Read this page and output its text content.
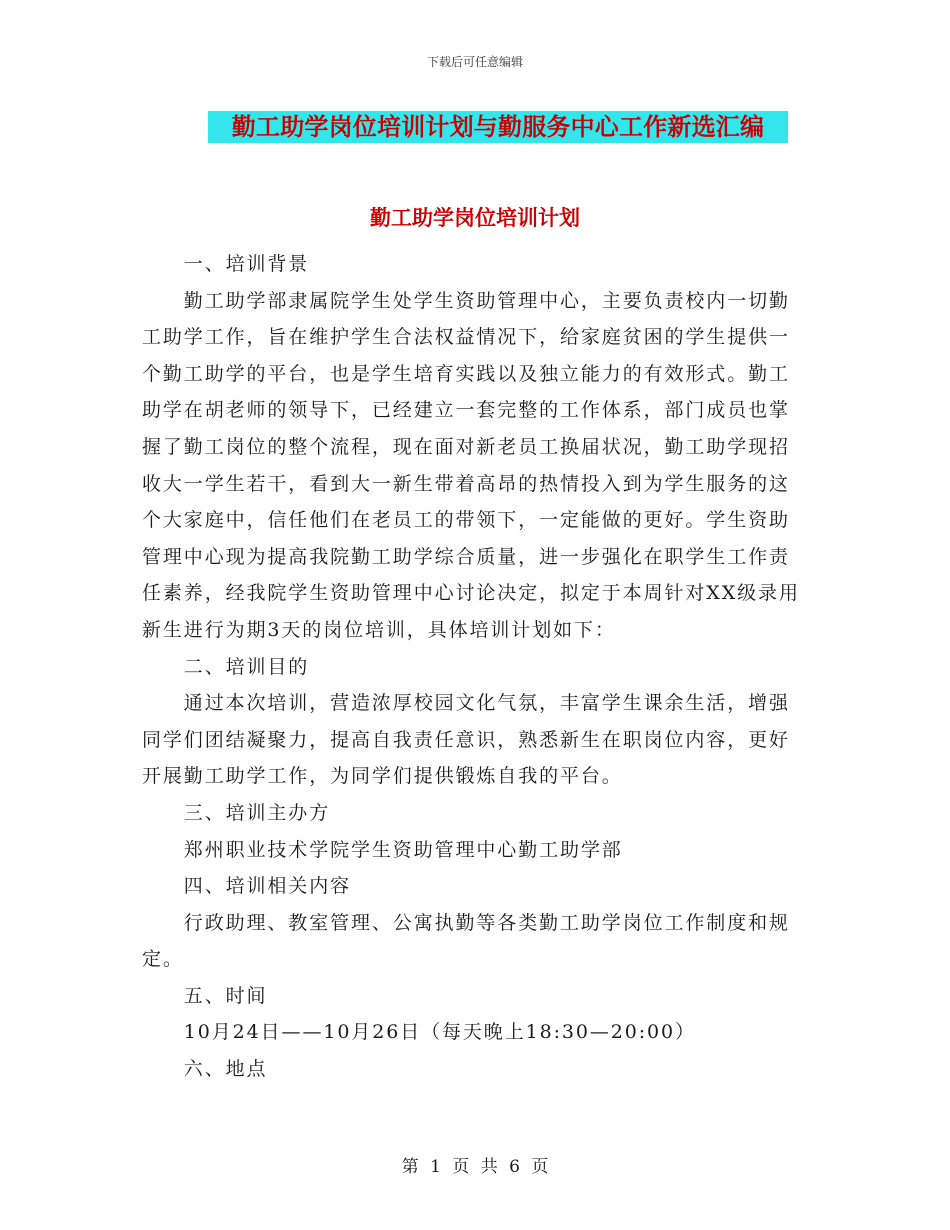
下载后可任意编辑
勤工助学岗位培训计划与勤服务中心工作新选汇编
勤工助学岗位培训计划

一、培训背景

勤工助学部隶属院学生处学生资助管理中心，主要负责校内一切勤工助学工作，旨在维护学生合法权益情况下，给家庭贫困的学生提供一个勤工助学的平台，也是学生培育实践以及独立能力的有效形式。勤工助学在胡老师的领导下，已经建立一套完整的工作体系，部门成员也掌握了勤工岗位的整个流程，现在面对新老员工换届状况，勤工助学现招收大一学生若干，看到大一新生带着高昂的热情投入到为学生服务的这个大家庭中，信任他们在老员工的带领下，一定能做的更好。学生资助管理中心现为提高我院勤工助学综合质量，进一步强化在职学生工作责任素养，经我院学生资助管理中心讨论决定，拟定于本周针对XX级录用新生进行为期3天的岗位培训，具体培训计划如下：

二、培训目的

通过本次培训，营造浓厚校园文化气氛，丰富学生课余生活，增强同学们团结凝聚力，提高自我责任意识，熟悉新生在职岗位内容，更好开展勤工助学工作，为同学们提供锻炼自我的平台。

三、培训主办方

郑州职业技术学院学生资助管理中心勤工助学部

四、培训相关内容

行政助理、教室管理、公寓执勤等各类勤工助学岗位工作制度和规定。

五、时间

10月24日——10月26日（每天晚上18:30—20:00）

六、地点

第 1 页 共 6 页
